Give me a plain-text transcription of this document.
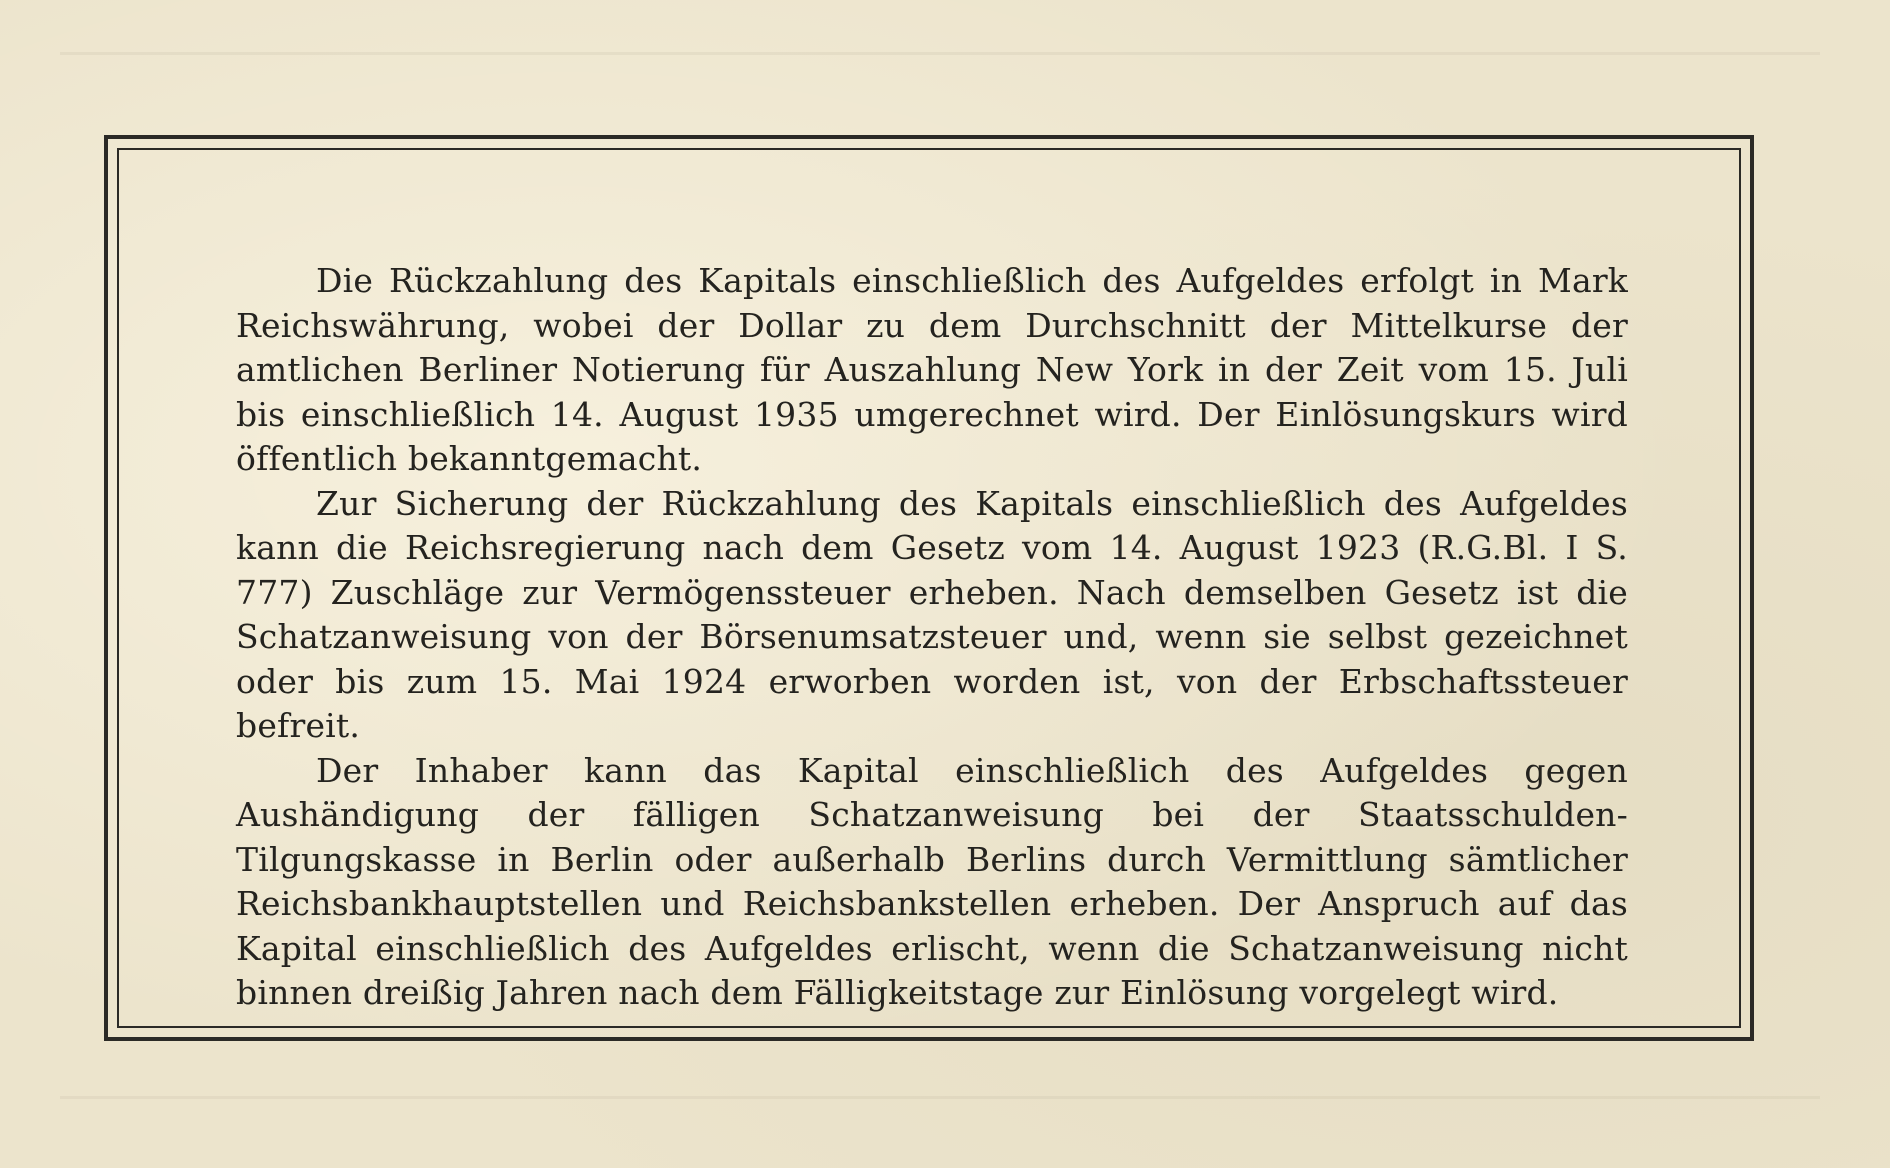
Die Rückzahlung des Kapitals einschließlich des Aufgeldes erfolgt in Mark Reichswährung, wobei der Dollar zu dem Durchschnitt der Mittelkurse der amtlichen Berliner Notierung für Auszahlung New York in der Zeit vom 15. Juli bis einschließlich 14. August 1935 umgerechnet wird. Der Einlösungskurs wird öffentlich bekanntgemacht.

Zur Sicherung der Rückzahlung des Kapitals einschließlich des Aufgeldes kann die Reichsregierung nach dem Gesetz vom 14. August 1923 (R.G.Bl. I S. 777) Zuschläge zur Vermögenssteuer erheben. Nach demselben Gesetz ist die Schatzanweisung von der Börsenumsatzsteuer und, wenn sie selbst gezeichnet oder bis zum 15. Mai 1924 erworben worden ist, von der Erbschaftssteuer befreit.

Der Inhaber kann das Kapital einschließlich des Aufgeldes gegen Aushändigung der fälligen Schatzanweisung bei der Staatsschulden-Tilgungskasse in Berlin oder außerhalb Berlins durch Vermittlung sämtlicher Reichsbankhauptstellen und Reichsbankstellen erheben. Der Anspruch auf das Kapital einschließlich des Aufgeldes erlischt, wenn die Schatzanweisung nicht binnen dreißig Jahren nach dem Fälligkeitstage zur Einlösung vorgelegt wird.
